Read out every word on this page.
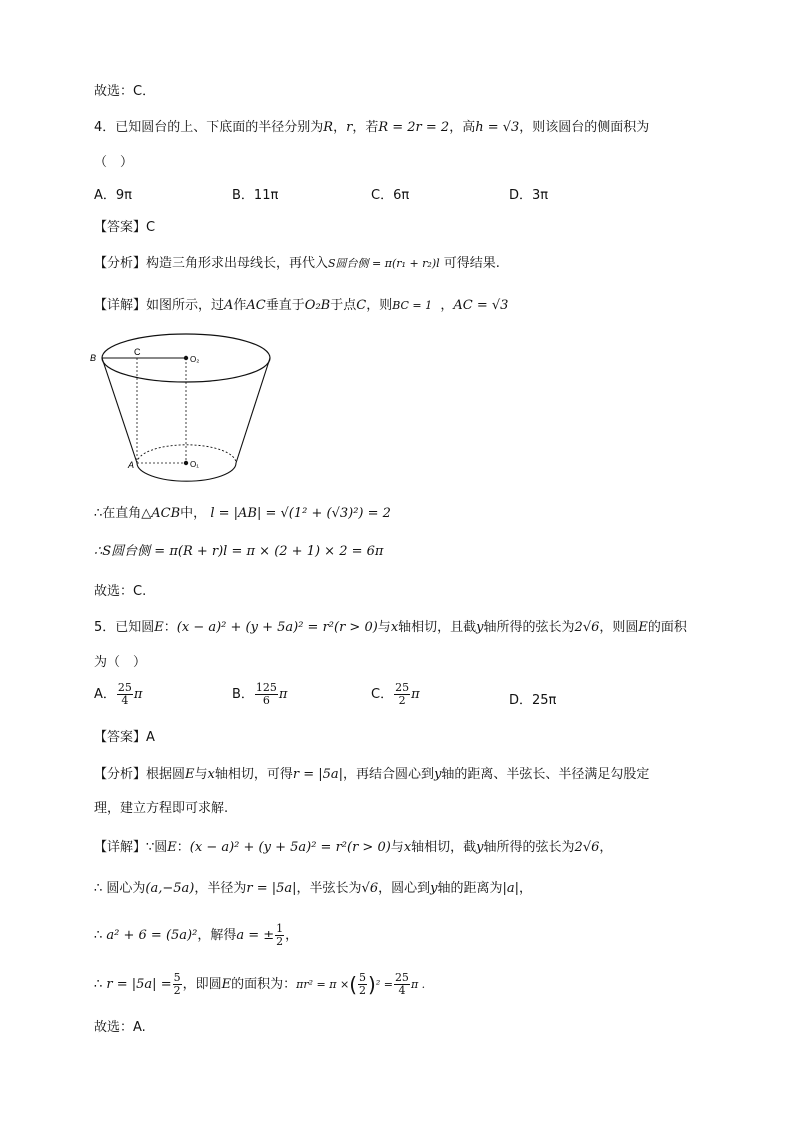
故选：C．
4．已知圆台的上、下底面的半径分别为R，r，若R = 2r = 2，高h = √3，则该圆台的侧面积为
（　）
A．9π	B．11π	C．6π	D．3π
【答案】C
【分析】构造三角形求出母线长，再代入S圆台侧 = π(r₁ + r₂)l 可得结果.
【详解】如图所示，过A作AC垂直于O₂B于点C，则BC = 1 ，AC = √3
B
C
O₂
A	O₁
∴在直角△ACB中， l = |AB| = √(1² + (√3)²) = 2
∴S圆台侧 = π(R + r)l = π × (2 + 1) × 2 = 6π
故选：C.
5．已知圆E：(x − a)² + (y + 5a)² = r²(r > 0)与x轴相切，且截y轴所得的弦长为2√6，则圆E的面积
为（　）
A． $\frac{25}{4}$ π	B． $\frac{125}{6}$ π	C． $\frac{25}{2}$ π	D．25π
【答案】A
【分析】根据圆E与x轴相切，可得r = |5a|，再结合圆心到y轴的距离、半弦长、半径满足勾股定
理，建立方程即可求解.
【详解】∵圆E：(x − a)² + (y + 5a)² = r²(r > 0)与x轴相切，截y轴所得的弦长为2√6，
∴ 圆心为(a,−5a)，半径为r = |5a|，半弦长为√6，圆心到y轴的距离为|a|，
∴ a² + 6 = (5a)²，解得a = ± $\frac{1}{2}$ ，
∴ $r = |5a| = \frac{5}{2}$ ，即圆E的面积为：πr² = π ×( $\frac{5}{2} )^2 = \frac{25}{4}$ π .
故选：A.
